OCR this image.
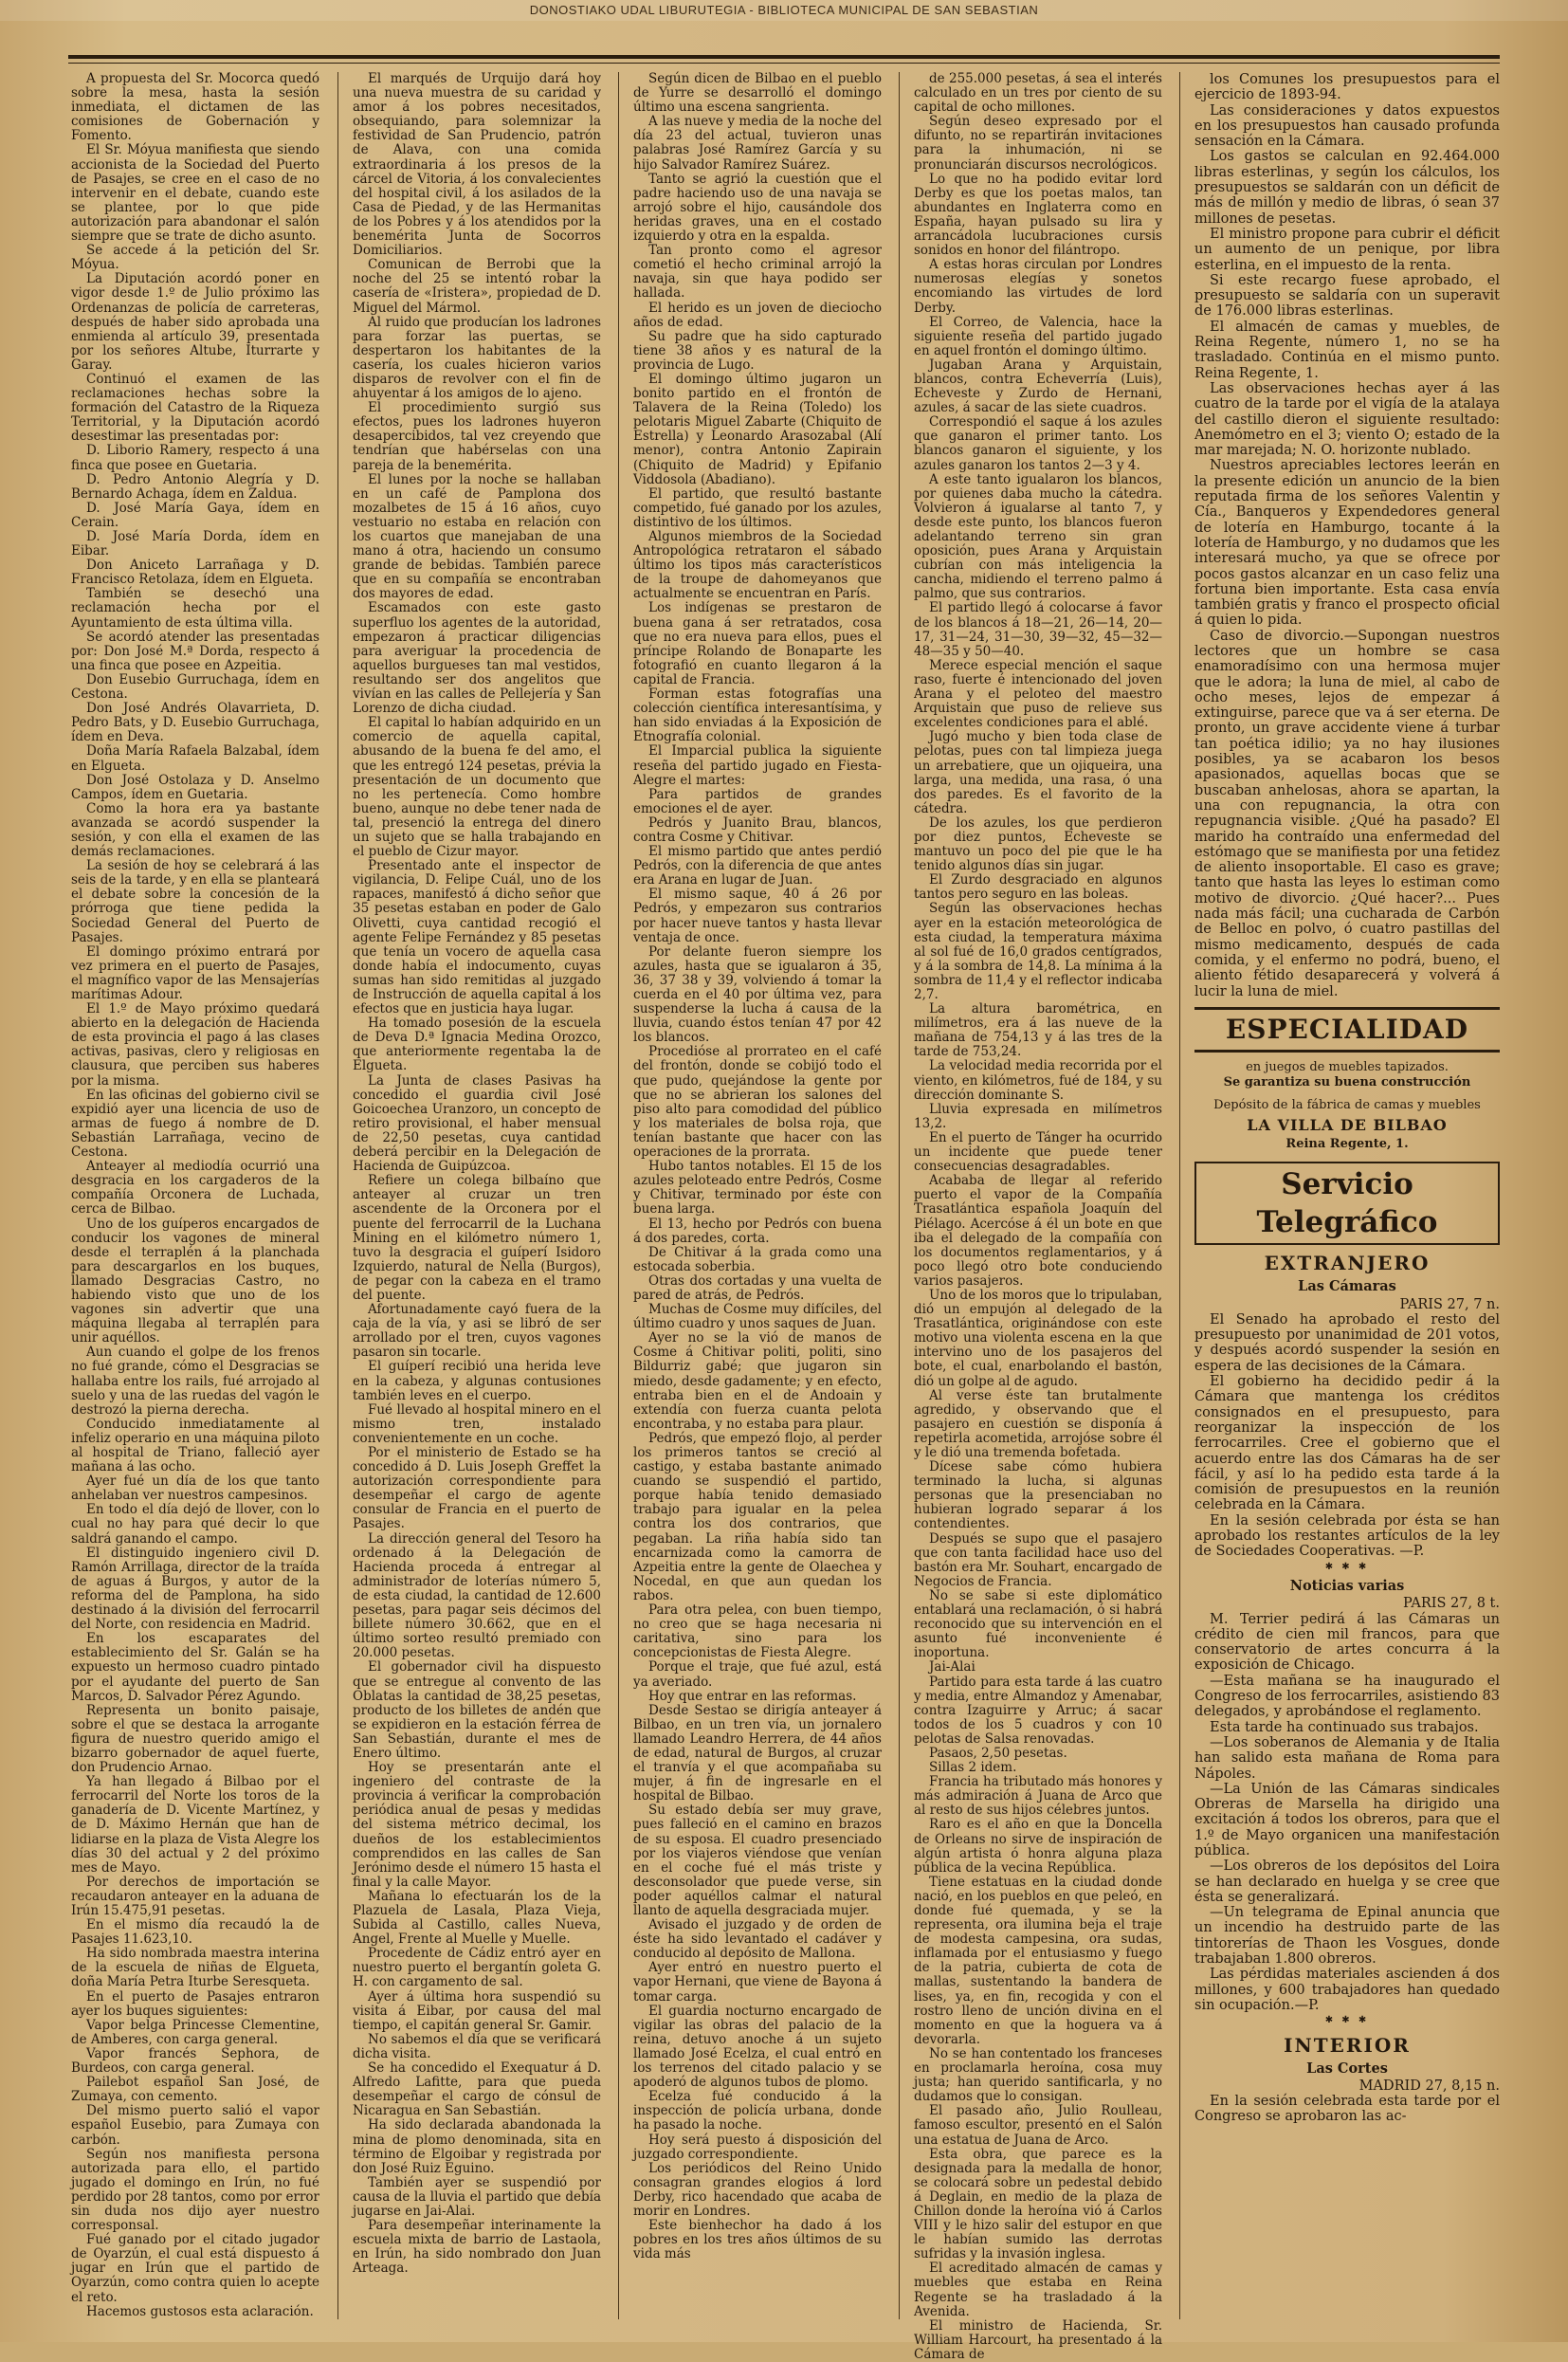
DONOSTIAKO UDAL LIBURUTEGIA - BIBLIOTECA MUNICIPAL DE SAN SEBASTIAN

A propuesta del Sr. Mocorca quedó sobre la mesa, hasta la sesión inmediata, el dictamen de las comisiones de Gobernación y Fomento.

El Sr. Móyua manifiesta que siendo accionista de la Sociedad del Puerto de Pasajes, se cree en el caso de no intervenir en el debate, cuando este se plantee, por lo que pide autorización para abandonar el salón siempre que se trate de dicho asunto.

Se accede á la petición del Sr. Móyua.

La Diputación acordó poner en vigor desde 1.º de Julio próximo las Ordenanzas de policía de carreteras, después de haber sido aprobada una enmienda al artículo 39, presentada por los señores Altube, Iturrarte y Garay.

Continuó el examen de las reclamaciones hechas sobre la formación del Catastro de la Riqueza Territorial, y la Diputación acordó desestimar las presentadas por:

D. Liborio Ramery, respecto á una finca que posee en Guetaria.

D. Pedro Antonio Alegría y D. Bernardo Achaga, ídem en Zaldua.

D. José María Gaya, ídem en Cerain.

D. José María Dorda, ídem en Eibar.

Don Aniceto Larrañaga y D. Francisco Retolaza, ídem en Elgueta.

También se desechó una reclamación hecha por el Ayuntamiento de esta última villa.

Se acordó atender las presentadas por: Don José M.ª Dorda, respecto á una finca que posee en Azpeitia.

Don Eusebio Gurruchaga, ídem en Cestona.

Don José Andrés Olavarrieta, D. Pedro Bats, y D. Eusebio Gurruchaga, ídem en Deva.

Doña María Rafaela Balzabal, ídem en Elgueta.

Don José Ostolaza y D. Anselmo Campos, ídem en Guetaria.

Como la hora era ya bastante avanzada se acordó suspender la sesión, y con ella el examen de las demás reclamaciones.

La sesión de hoy se celebrará á las seis de la tarde, y en ella se planteará el debate sobre la concesión de la prórroga que tiene pedida la Sociedad General del Puerto de Pasajes.

El domingo próximo entrará por vez primera en el puerto de Pasajes, el magnífico vapor de las Mensajerías marítimas Adour.

El 1.º de Mayo próximo quedará abierto en la delegación de Hacienda de esta provincia el pago á las clases activas, pasivas, clero y religiosas en clausura, que perciben sus haberes por la misma.

En las oficinas del gobierno civil se expidió ayer una licencia de uso de armas de fuego á nombre de D. Sebastián Larrañaga, vecino de Cestona.

Anteayer al mediodía ocurrió una desgracia en los cargaderos de la compañía Orconera de Luchada, cerca de Bilbao.

Uno de los guíperos encargados de conducir los vagones de mineral desde el terraplén á la planchada para descargarlos en los buques, llamado Desgracias Castro, no habiendo visto que uno de los vagones sin advertir que una máquina llegaba al terraplén para unir aquéllos.

Aun cuando el golpe de los frenos no fué grande, cómo el Desgracias se hallaba entre los rails, fué arrojado al suelo y una de las ruedas del vagón le destrozó la pierna derecha.

Conducido inmediatamente al infeliz operario en una máquina piloto al hospital de Triano, falleció ayer mañana á las ocho.

Ayer fué un día de los que tanto anhelaban ver nuestros campesinos.

En todo el día dejó de llover, con lo cual no hay para qué decir lo que saldrá ganando el campo.

El distinguido ingeniero civil D. Ramón Arrillaga, director de la traída de aguas á Burgos, y autor de la reforma del de Pamplona, ha sido destinado á la división del ferrocarril del Norte, con residencia en Madrid.

En los escaparates del establecimiento del Sr. Galán se ha expuesto un hermoso cuadro pintado por el ayudante del puerto de San Marcos, D. Salvador Pérez Agundo.

Representa un bonito paisaje, sobre el que se destaca la arrogante figura de nuestro querido amigo el bizarro gobernador de aquel fuerte, don Prudencio Arnao.

Ya han llegado á Bilbao por el ferrocarril del Norte los toros de la ganadería de D. Vicente Martínez, y de D. Máximo Hernán que han de lidiarse en la plaza de Vista Alegre los días 30 del actual y 2 del próximo mes de Mayo.

Por derechos de importación se recaudaron anteayer en la aduana de Irún 15.475,91 pesetas.

En el mismo día recaudó la de Pasajes 11.623,10.

Ha sido nombrada maestra interina de la escuela de niñas de Elgueta, doña María Petra Iturbe Seresqueta.

En el puerto de Pasajes entraron ayer los buques siguientes:

Vapor belga Princesse Clementine, de Amberes, con carga general.

Vapor francés Sephora, de Burdeos, con carga general.

Pailebot español San José, de Zumaya, con cemento.

Del mismo puerto salió el vapor español Eusebio, para Zumaya con carbón.

Según nos manifiesta persona autorizada para ello, el partido jugado el domingo en Irún, no fué perdido por 28 tantos, como por error sin duda nos dijo ayer nuestro corresponsal.

Fué ganado por el citado jugador de Oyarzún, el cual está dispuesto á jugar en Irún que el partido de Oyarzún, como contra quien lo acepte el reto.

Hacemos gustosos esta aclaración.

El marqués de Urquijo dará hoy una nueva muestra de su caridad y amor á los pobres necesitados, obsequiando, para solemnizar la festividad de San Prudencio, patrón de Alava, con una comida extraordinaria á los presos de la cárcel de Vitoria, á los convalecientes del hospital civil, á los asilados de la Casa de Piedad, y de las Hermanitas de los Pobres y á los atendidos por la benemérita Junta de Socorros Domiciliarios.

Comunican de Berrobi que la noche del 25 se intentó robar la casería de «Iristera», propiedad de D. Miguel del Mármol.

Al ruido que producían los ladrones para forzar las puertas, se despertaron los habitantes de la casería, los cuales hicieron varios disparos de revolver con el fin de ahuyentar á los amigos de lo ajeno.

El procedimiento surgió sus efectos, pues los ladrones huyeron desapercibidos, tal vez creyendo que tendrían que habérselas con una pareja de la benemérita.

El lunes por la noche se hallaban en un café de Pamplona dos mozalbetes de 15 á 16 años, cuyo vestuario no estaba en relación con los cuartos que manejaban de una mano á otra, haciendo un consumo grande de bebidas. También parece que en su compañía se encontraban dos mayores de edad.

Escamados con este gasto superfluo los agentes de la autoridad, empezaron á practicar diligencias para averiguar la procedencia de aquellos burgueses tan mal vestidos, resultando ser dos angelitos que vivían en las calles de Pellejería y San Lorenzo de dicha ciudad.

El capital lo habían adquirido en un comercio de aquella capital, abusando de la buena fe del amo, el que les entregó 124 pesetas, prévia la presentación de un documento que no les pertenecía. Como hombre bueno, aunque no debe tener nada de tal, presenció la entrega del dinero un sujeto que se halla trabajando en el pueblo de Cizur mayor.

Presentado ante el inspector de vigilancia, D. Felipe Cuál, uno de los rapaces, manifestó á dicho señor que 35 pesetas estaban en poder de Galo Olivetti, cuya cantidad recogió el agente Felipe Fernández y 85 pesetas que tenía un vocero de aquella casa donde había el indocumento, cuyas sumas han sido remitidas al juzgado de Instrucción de aquella capital á los efectos que en justicia haya lugar.

Ha tomado posesión de la escuela de Deva D.ª Ignacia Medina Orozco, que anteriormente regentaba la de Elgueta.

La Junta de clases Pasivas ha concedido el guardia civil José Goicoechea Uranzoro, un concepto de retiro provisional, el haber mensual de 22,50 pesetas, cuya cantidad deberá percibir en la Delegación de Hacienda de Guipúzcoa.

Refiere un colega bilbaíno que anteayer al cruzar un tren ascendente de la Orconera por el puente del ferrocarril de la Luchana Mining en el kilómetro número 1, tuvo la desgracia el guíperí Isidoro Izquierdo, natural de Nella (Burgos), de pegar con la cabeza en el tramo del puente.

Afortunadamente cayó fuera de la caja de la vía, y asi se libró de ser arrollado por el tren, cuyos vagones pasaron sin tocarle.

El guíperí recibió una herida leve en la cabeza, y algunas contusiones también leves en el cuerpo.

Fué llevado al hospital minero en el mismo tren, instalado convenientemente en un coche.

Por el ministerio de Estado se ha concedido á D. Luis Joseph Greffet la autorización correspondiente para desempeñar el cargo de agente consular de Francia en el puerto de Pasajes.

La dirección general del Tesoro ha ordenado á la Delegación de Hacienda proceda á entregar al administrador de loterías número 5, de esta ciudad, la cantidad de 12.600 pesetas, para pagar seis décimos del billete número 30.662, que en el último sorteo resultó premiado con 20.000 pesetas.

El gobernador civil ha dispuesto que se entregue al convento de las Oblatas la cantidad de 38,25 pesetas, producto de los billetes de andén que se expidieron en la estación férrea de San Sebastián, durante el mes de Enero último.

Hoy se presentarán ante el ingeniero del contraste de la provincia á verificar la comprobación periódica anual de pesas y medidas del sistema métrico decimal, los dueños de los establecimientos comprendidos en las calles de San Jerónimo desde el número 15 hasta el final y la calle Mayor.

Mañana lo efectuarán los de la Plazuela de Lasala, Plaza Vieja, Subida al Castillo, calles Nueva, Angel, Frente al Muelle y Muelle.

Procedente de Cádiz entró ayer en nuestro puerto el bergantín goleta G. H. con cargamento de sal.

Ayer á última hora suspendió su visita á Eibar, por causa del mal tiempo, el capitán general Sr. Gamir.

No sabemos el día que se verificará dicha visita.

Se ha concedido el Exequatur á D. Alfredo Lafitte, para que pueda desempeñar el cargo de cónsul de Nicaragua en San Sebastián.

Ha sido declarada abandonada la mina de plomo denominada, sita en término de Elgoibar y registrada por don José Ruiz Eguino.

También ayer se suspendió por causa de la lluvia el partido que debía jugarse en Jai-Alai.

Para desempeñar interinamente la escuela mixta de barrio de Lastaola, en Irún, ha sido nombrado don Juan Arteaga.

Según dicen de Bilbao en el pueblo de Yurre se desarrolló el domingo último una escena sangrienta.

A las nueve y media de la noche del día 23 del actual, tuvieron unas palabras José Ramírez García y su hijo Salvador Ramírez Suárez.

Tanto se agrió la cuestión que el padre haciendo uso de una navaja se arrojó sobre el hijo, causándole dos heridas graves, una en el costado izquierdo y otra en la espalda.

Tan pronto como el agresor cometió el hecho criminal arrojó la navaja, sin que haya podido ser hallada.

El herido es un joven de dieciocho años de edad.

Su padre que ha sido capturado tiene 38 años y es natural de la provincia de Lugo.

El domingo último jugaron un bonito partido en el frontón de Talavera de la Reina (Toledo) los pelotaris Miguel Zabarte (Chiquito de Estrella) y Leonardo Arasozabal (Alí menor), contra Antonio Zapirain (Chiquito de Madrid) y Epifanio Viddosola (Abadiano).

El partido, que resultó bastante competido, fué ganado por los azules, distintivo de los últimos.

Algunos miembros de la Sociedad Antropológica retrataron el sábado último los tipos más característicos de la troupe de dahomeyanos que actualmente se encuentran en París.

Los indígenas se prestaron de buena gana á ser retratados, cosa que no era nueva para ellos, pues el príncipe Rolando de Bonaparte les fotografió en cuanto llegaron á la capital de Francia.

Forman estas fotografías una colección científica interesantísima, y han sido enviadas á la Exposición de Etnografía colonial.

El Imparcial publica la siguiente reseña del partido jugado en Fiesta-Alegre el martes:

Para partidos de grandes emociones el de ayer.

Pedrós y Juanito Brau, blancos, contra Cosme y Chitivar.

El mismo partido que antes perdió Pedrós, con la diferencia de que antes era Arana en lugar de Juan.

El mismo saque, 40 á 26 por Pedrós, y empezaron sus contrarios por hacer nueve tantos y hasta llevar ventaja de once.

Por delante fueron siempre los azules, hasta que se igualaron á 35, 36, 37 38 y 39, volviendo á tomar la cuerda en el 40 por última vez, para suspenderse la lucha á causa de la lluvia, cuando éstos tenían 47 por 42 los blancos.

Procedióse al prorrateo en el café del frontón, donde se cobijó todo el que pudo, quejándose la gente por que no se abrieran los salones del piso alto para comodidad del público y los materiales de bolsa roja, que tenían bastante que hacer con las operaciones de la prorrata.

Hubo tantos notables. El 15 de los azules peloteado entre Pedrós, Cosme y Chitivar, terminado por éste con buena larga.

El 13, hecho por Pedrós con buena á dos paredes, corta.

De Chitivar á la grada como una estocada soberbia.

Otras dos cortadas y una vuelta de pared de atrás, de Pedrós.

Muchas de Cosme muy difíciles, del último cuadro y unos saques de Juan.

Ayer no se la vió de manos de Cosme á Chitivar politi, politi, sino Bildurriz gabé; que jugaron sin miedo, desde gadamente; y en efecto, entraba bien en el de Andoain y extendía con fuerza cuanta pelota encontraba, y no estaba para plaur.

Pedrós, que empezó flojo, al perder los primeros tantos se creció al castigo, y estaba bastante animado cuando se suspendió el partido, porque había tenido demasiado trabajo para igualar en la pelea contra los dos contrarios, que pegaban. La riña había sido tan encarnizada como la camorra de Azpeitia entre la gente de Olaechea y Nocedal, en que aun quedan los rabos.

Para otra pelea, con buen tiempo, no creo que se haga necesaria ni caritativa, sino para los concepcionistas de Fiesta Alegre.

Porque el traje, que fué azul, está ya averiado.

Hoy que entrar en las reformas.

Desde Sestao se dirigía anteayer á Bilbao, en un tren vía, un jornalero llamado Leandro Herrera, de 44 años de edad, natural de Burgos, al cruzar el tranvía y el que acompañaba su mujer, á fin de ingresarle en el hospital de Bilbao.

Su estado debía ser muy grave, pues falleció en el camino en brazos de su esposa. El cuadro presenciado por los viajeros viéndose que venían en el coche fué el más triste y desconsolador que puede verse, sin poder aquéllos calmar el natural llanto de aquella desgraciada mujer.

Avisado el juzgado y de orden de éste ha sido levantado el cadáver y conducido al depósito de Mallona.

Ayer entró en nuestro puerto el vapor Hernani, que viene de Bayona á tomar carga.

El guardia nocturno encargado de vigilar las obras del palacio de la reina, detuvo anoche á un sujeto llamado José Ecelza, el cual entró en los terrenos del citado palacio y se apoderó de algunos tubos de plomo.

Ecelza fué conducido á la inspección de policía urbana, donde ha pasado la noche.

Hoy será puesto á disposición del juzgado correspondiente.

Los periódicos del Reino Unido consagran grandes elogios á lord Derby, rico hacendado que acaba de morir en Londres.

Este bienhechor ha dado á los pobres en los tres años últimos de su vida más

de 255.000 pesetas, á sea el interés calculado en un tres por ciento de su capital de ocho millones.

Según deseo expresado por el difunto, no se repartirán invitaciones para la inhumación, ni se pronunciarán discursos necrológicos.

Lo que no ha podido evitar lord Derby es que los poetas malos, tan abundantes en Inglaterra como en España, hayan pulsado su lira y arrancádola lucubraciones cursis sonidos en honor del filántropo.

A estas horas circulan por Londres numerosas elegías y sonetos encomiando las virtudes de lord Derby.

El Correo, de Valencia, hace la siguiente reseña del partido jugado en aquel frontón el domingo último.

Jugaban Arana y Arquistain, blancos, contra Echeverría (Luis), Echeveste y Zurdo de Hernani, azules, á sacar de las siete cuadros.

Correspondió el saque á los azules que ganaron el primer tanto. Los blancos ganaron el siguiente, y los azules ganaron los tantos 2—3 y 4.

A este tanto igualaron los blancos, por quienes daba mucho la cátedra. Volvieron á igualarse al tanto 7, y desde este punto, los blancos fueron adelantando terreno sin gran oposición, pues Arana y Arquistain cubrían con más inteligencia la cancha, midiendo el terreno palmo á palmo, que sus contrarios.

El partido llegó á colocarse á favor de los blancos á 18—21, 26—14, 20—17, 31—24, 31—30, 39—32, 45—32—48—35 y 50—40.

Merece especial mención el saque raso, fuerte é intencionado del joven Arana y el peloteo del maestro Arquistain que puso de relieve sus excelentes condiciones para el ablé.

Jugó mucho y bien toda clase de pelotas, pues con tal limpieza juega un arrebatiere, que un ojiqueira, una larga, una medida, una rasa, ó una dos paredes. Es el favorito de la cátedra.

De los azules, los que perdieron por diez puntos, Echeveste se mantuvo un poco del pie que le ha tenido algunos días sin jugar.

El Zurdo desgraciado en algunos tantos pero seguro en las boleas.

Según las observaciones hechas ayer en la estación meteorológica de esta ciudad, la temperatura máxima al sol fué de 16,0 grados centígrados, y á la sombra de 14,8. La mínima á la sombra de 11,4 y el reflector indicaba 2,7.

La altura barométrica, en milímetros, era á las nueve de la mañana de 754,13 y á las tres de la tarde de 753,24.

La velocidad media recorrida por el viento, en kilómetros, fué de 184, y su dirección dominante S.

Lluvia expresada en milímetros 13,2.

En el puerto de Tánger ha ocurrido un incidente que puede tener consecuencias desagradables.

Acababa de llegar al referido puerto el vapor de la Compañía Trasatlántica española Joaquín del Piélago. Acercóse á él un bote en que iba el delegado de la compañía con los documentos reglamentarios, y á poco llegó otro bote conduciendo varios pasajeros.

Uno de los moros que lo tripulaban, dió un empujón al delegado de la Trasatlántica, originándose con este motivo una violenta escena en la que intervino uno de los pasajeros del bote, el cual, enarbolando el bastón, dió un golpe al de agudo.

Al verse éste tan brutalmente agredido, y observando que el pasajero en cuestión se disponía á repetirla acometida, arrojóse sobre él y le dió una tremenda bofetada.

Dícese sabe cómo hubiera terminado la lucha, si algunas personas que la presenciaban no hubieran logrado separar á los contendientes.

Después se supo que el pasajero que con tanta facilidad hace uso del bastón era Mr. Souhart, encargado de Negocios de Francia.

No se sabe si este diplomático entablará una reclamación, ó si habrá reconocido que su intervención en el asunto fué inconveniente é inoportuna.

Jai-Alai

Partido para esta tarde á las cuatro y media, entre Almandoz y Amenabar, contra Izaguirre y Arruc; á sacar todos de los 5 cuadros y con 10 pelotas de Salsa renovadas.

Pasaos, 2,50 pesetas.

Sillas 2 idem.

Francia ha tributado más honores y más admiración á Juana de Arco que al resto de sus hijos célebres juntos.

Raro es el año en que la Doncella de Orleans no sirve de inspiración de algún artista ó honra alguna plaza pública de la vecina República.

Tiene estatuas en la ciudad donde nació, en los pueblos en que peleó, en donde fué quemada, y se la representa, ora ilumina beja el traje de modesta campesina, ora sudas, inflamada por el entusiasmo y fuego de la patria, cubierta de cota de mallas, sustentando la bandera de lises, ya, en fin, recogida y con el rostro lleno de unción divina en el momento en que la hoguera va á devorarla.

No se han contentado los franceses en proclamarla heroína, cosa muy justa; han querido santificarla, y no dudamos que lo consigan.

El pasado año, Julio Roulleau, famoso escultor, presentó en el Salón una estatua de Juana de Arco.

Esta obra, que parece es la designada para la medalla de honor, se colocará sobre un pedestal debido á Deglain, en medio de la plaza de Chillon donde la heroína vió á Carlos VIII y le hizo salir del estupor en que le habían sumido las derrotas sufridas y la invasión inglesa.

El acreditado almacén de camas y muebles que estaba en Reina Regente se ha trasladado á la Avenida.

El ministro de Hacienda, Sr. William Harcourt, ha presentado á la Cámara de

los Comunes los presupuestos para el ejercicio de 1893-94.

Las consideraciones y datos expuestos en los presupuestos han causado profunda sensación en la Cámara.

Los gastos se calculan en 92.464.000 libras esterlinas, y según los cálculos, los presupuestos se saldarán con un déficit de más de millón y medio de libras, ó sean 37 millones de pesetas.

El ministro propone para cubrir el déficit un aumento de un penique, por libra esterlina, en el impuesto de la renta.

Si este recargo fuese aprobado, el presupuesto se saldaría con un superavit de 176.000 libras esterlinas.

El almacén de camas y muebles, de Reina Regente, número 1, no se ha trasladado. Continúa en el mismo punto. Reina Regente, 1.

Las observaciones hechas ayer á las cuatro de la tarde por el vigía de la atalaya del castillo dieron el siguiente resultado: Anemómetro en el 3; viento O; estado de la mar marejada; N. O. horizonte nublado.

Nuestros apreciables lectores leerán en la presente edición un anuncio de la bien reputada firma de los señores Valentin y Cía., Banqueros y Expendedores general de lotería en Hamburgo, tocante á la lotería de Hamburgo, y no dudamos que les interesará mucho, ya que se ofrece por pocos gastos alcanzar en un caso feliz una fortuna bien importante. Esta casa envía también gratis y franco el prospecto oficial á quien lo pida.

Caso de divorcio.—Supongan nuestros lectores que un hombre se casa enamoradísimo con una hermosa mujer que le adora; la luna de miel, al cabo de ocho meses, lejos de empezar á extinguirse, parece que va á ser eterna. De pronto, un grave accidente viene á turbar tan poética idilio; ya no hay ilusiones posibles, ya se acabaron los besos apasionados, aquellas bocas que se buscaban anhelosas, ahora se apartan, la una con repugnancia, la otra con repugnancia visible. ¿Qué ha pasado? El marido ha contraído una enfermedad del estómago que se manifiesta por una fetidez de aliento insoportable. El caso es grave; tanto que hasta las leyes lo estiman como motivo de divorcio. ¿Qué hacer?... Pues nada más fácil; una cucharada de Carbón de Belloc en polvo, ó cuatro pastillas del mismo medicamento, después de cada comida, y el enfermo no podrá, bueno, el aliento fétido desaparecerá y volverá á lucir la luna de miel.

ESPECIALIDAD

en juegos de muebles tapizados.

Se garantiza su buena construcción

Depósito de la fábrica de camas y muebles

LA VILLA DE BILBAO

Reina Regente, 1.

Servicio Telegráfico

EXTRANJERO

Las Cámaras

PARIS 27, 7 n.

El Senado ha aprobado el resto del presupuesto por unanimidad de 201 votos, y después acordó suspender la sesión en espera de las decisiones de la Cámara.

El gobierno ha decidido pedir á la Cámara que mantenga los créditos consignados en el presupuesto, para reorganizar la inspección de los ferrocarriles. Cree el gobierno que el acuerdo entre las dos Cámaras ha de ser fácil, y así lo ha pedido esta tarde á la comisión de presupuestos en la reunión celebrada en la Cámara.

En la sesión celebrada por ésta se han aprobado los restantes artículos de la ley de Sociedades Cooperativas. —P.

✱ ✱ ✱

Noticias varias

PARIS 27, 8 t.

M. Terrier pedirá á las Cámaras un crédito de cien mil francos, para que conservatorio de artes concurra á la exposición de Chicago.

—Esta mañana se ha inaugurado el Congreso de los ferrocarriles, asistiendo 83 delegados, y aprobándose el reglamento.

Esta tarde ha continuado sus trabajos.

—Los soberanos de Alemania y de Italia han salido esta mañana de Roma para Nápoles.

—La Unión de las Cámaras sindicales Obreras de Marsella ha dirigido una excitación á todos los obreros, para que el 1.º de Mayo organicen una manifestación pública.

—Los obreros de los depósitos del Loira se han declarado en huelga y se cree que ésta se generalizará.

—Un telegrama de Epinal anuncia que un incendio ha destruido parte de las tintorerías de Thaon les Vosgues, donde trabajaban 1.800 obreros.

Las pérdidas materiales ascienden á dos millones, y 600 trabajadores han quedado sin ocupación.—P.

✱ ✱ ✱

INTERIOR

Las Cortes

MADRID 27, 8,15 n.

En la sesión celebrada esta tarde por el Congreso se aprobaron las ac-
